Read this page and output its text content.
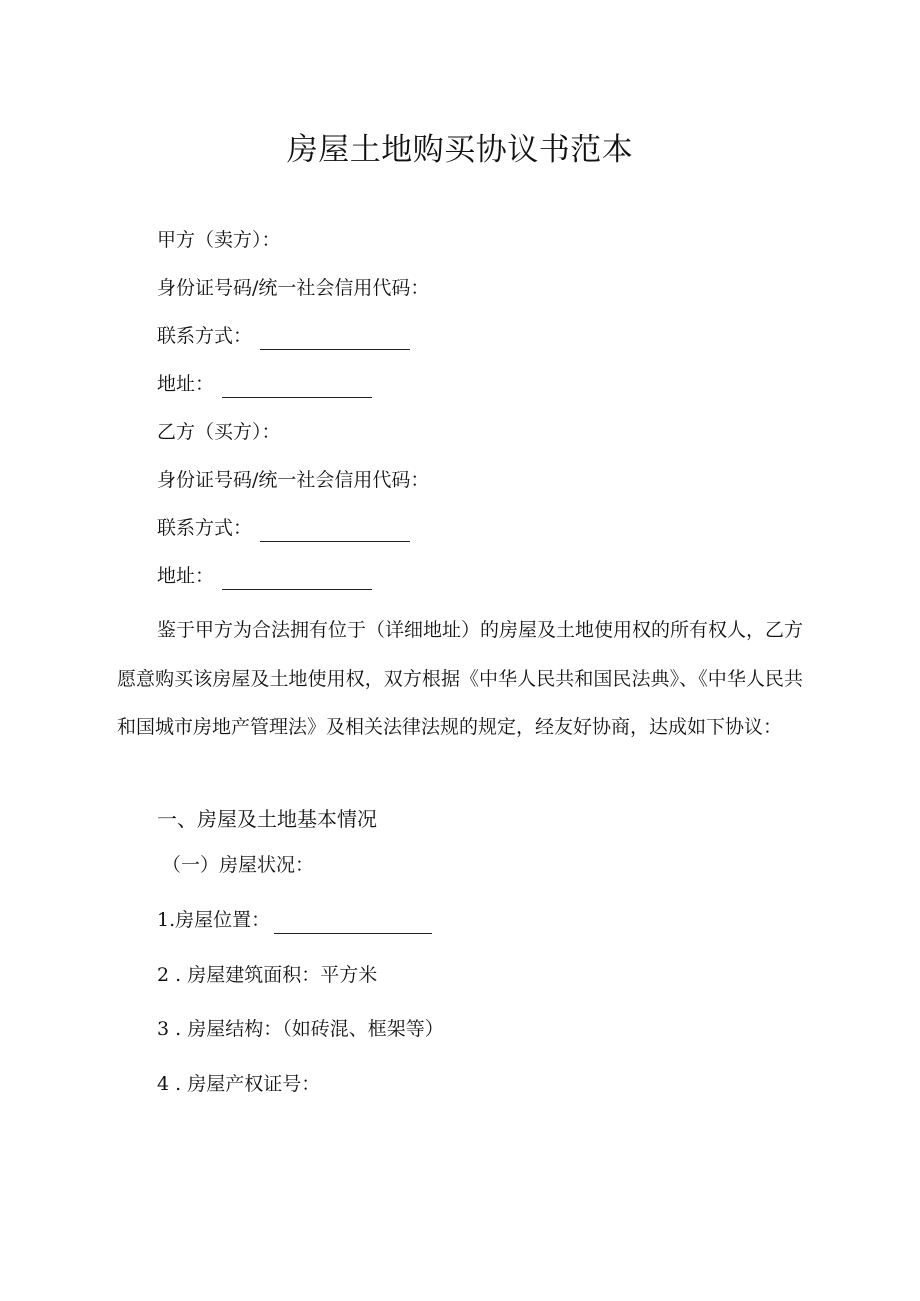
房屋土地购买协议书范本
甲方（卖方）：
身份证号码/统一社会信用代码：
联系方式：
地址：
乙方（买方）：
身份证号码/统一社会信用代码：
联系方式：
地址：
鉴于甲方为合法拥有位于（详细地址）的房屋及土地使用权的所有权人，乙方愿意购买该房屋及土地使用权，双方根据《中华人民共和国民法典》、《中华人民共和国城市房地产管理法》及相关法律法规的规定，经友好协商，达成如下协议：
一、房屋及土地基本情况
（一）房屋状况：
1.房屋位置：
2 . 房屋建筑面积：平方米
3 . 房屋结构：（如砖混、框架等）
4 . 房屋产权证号：
